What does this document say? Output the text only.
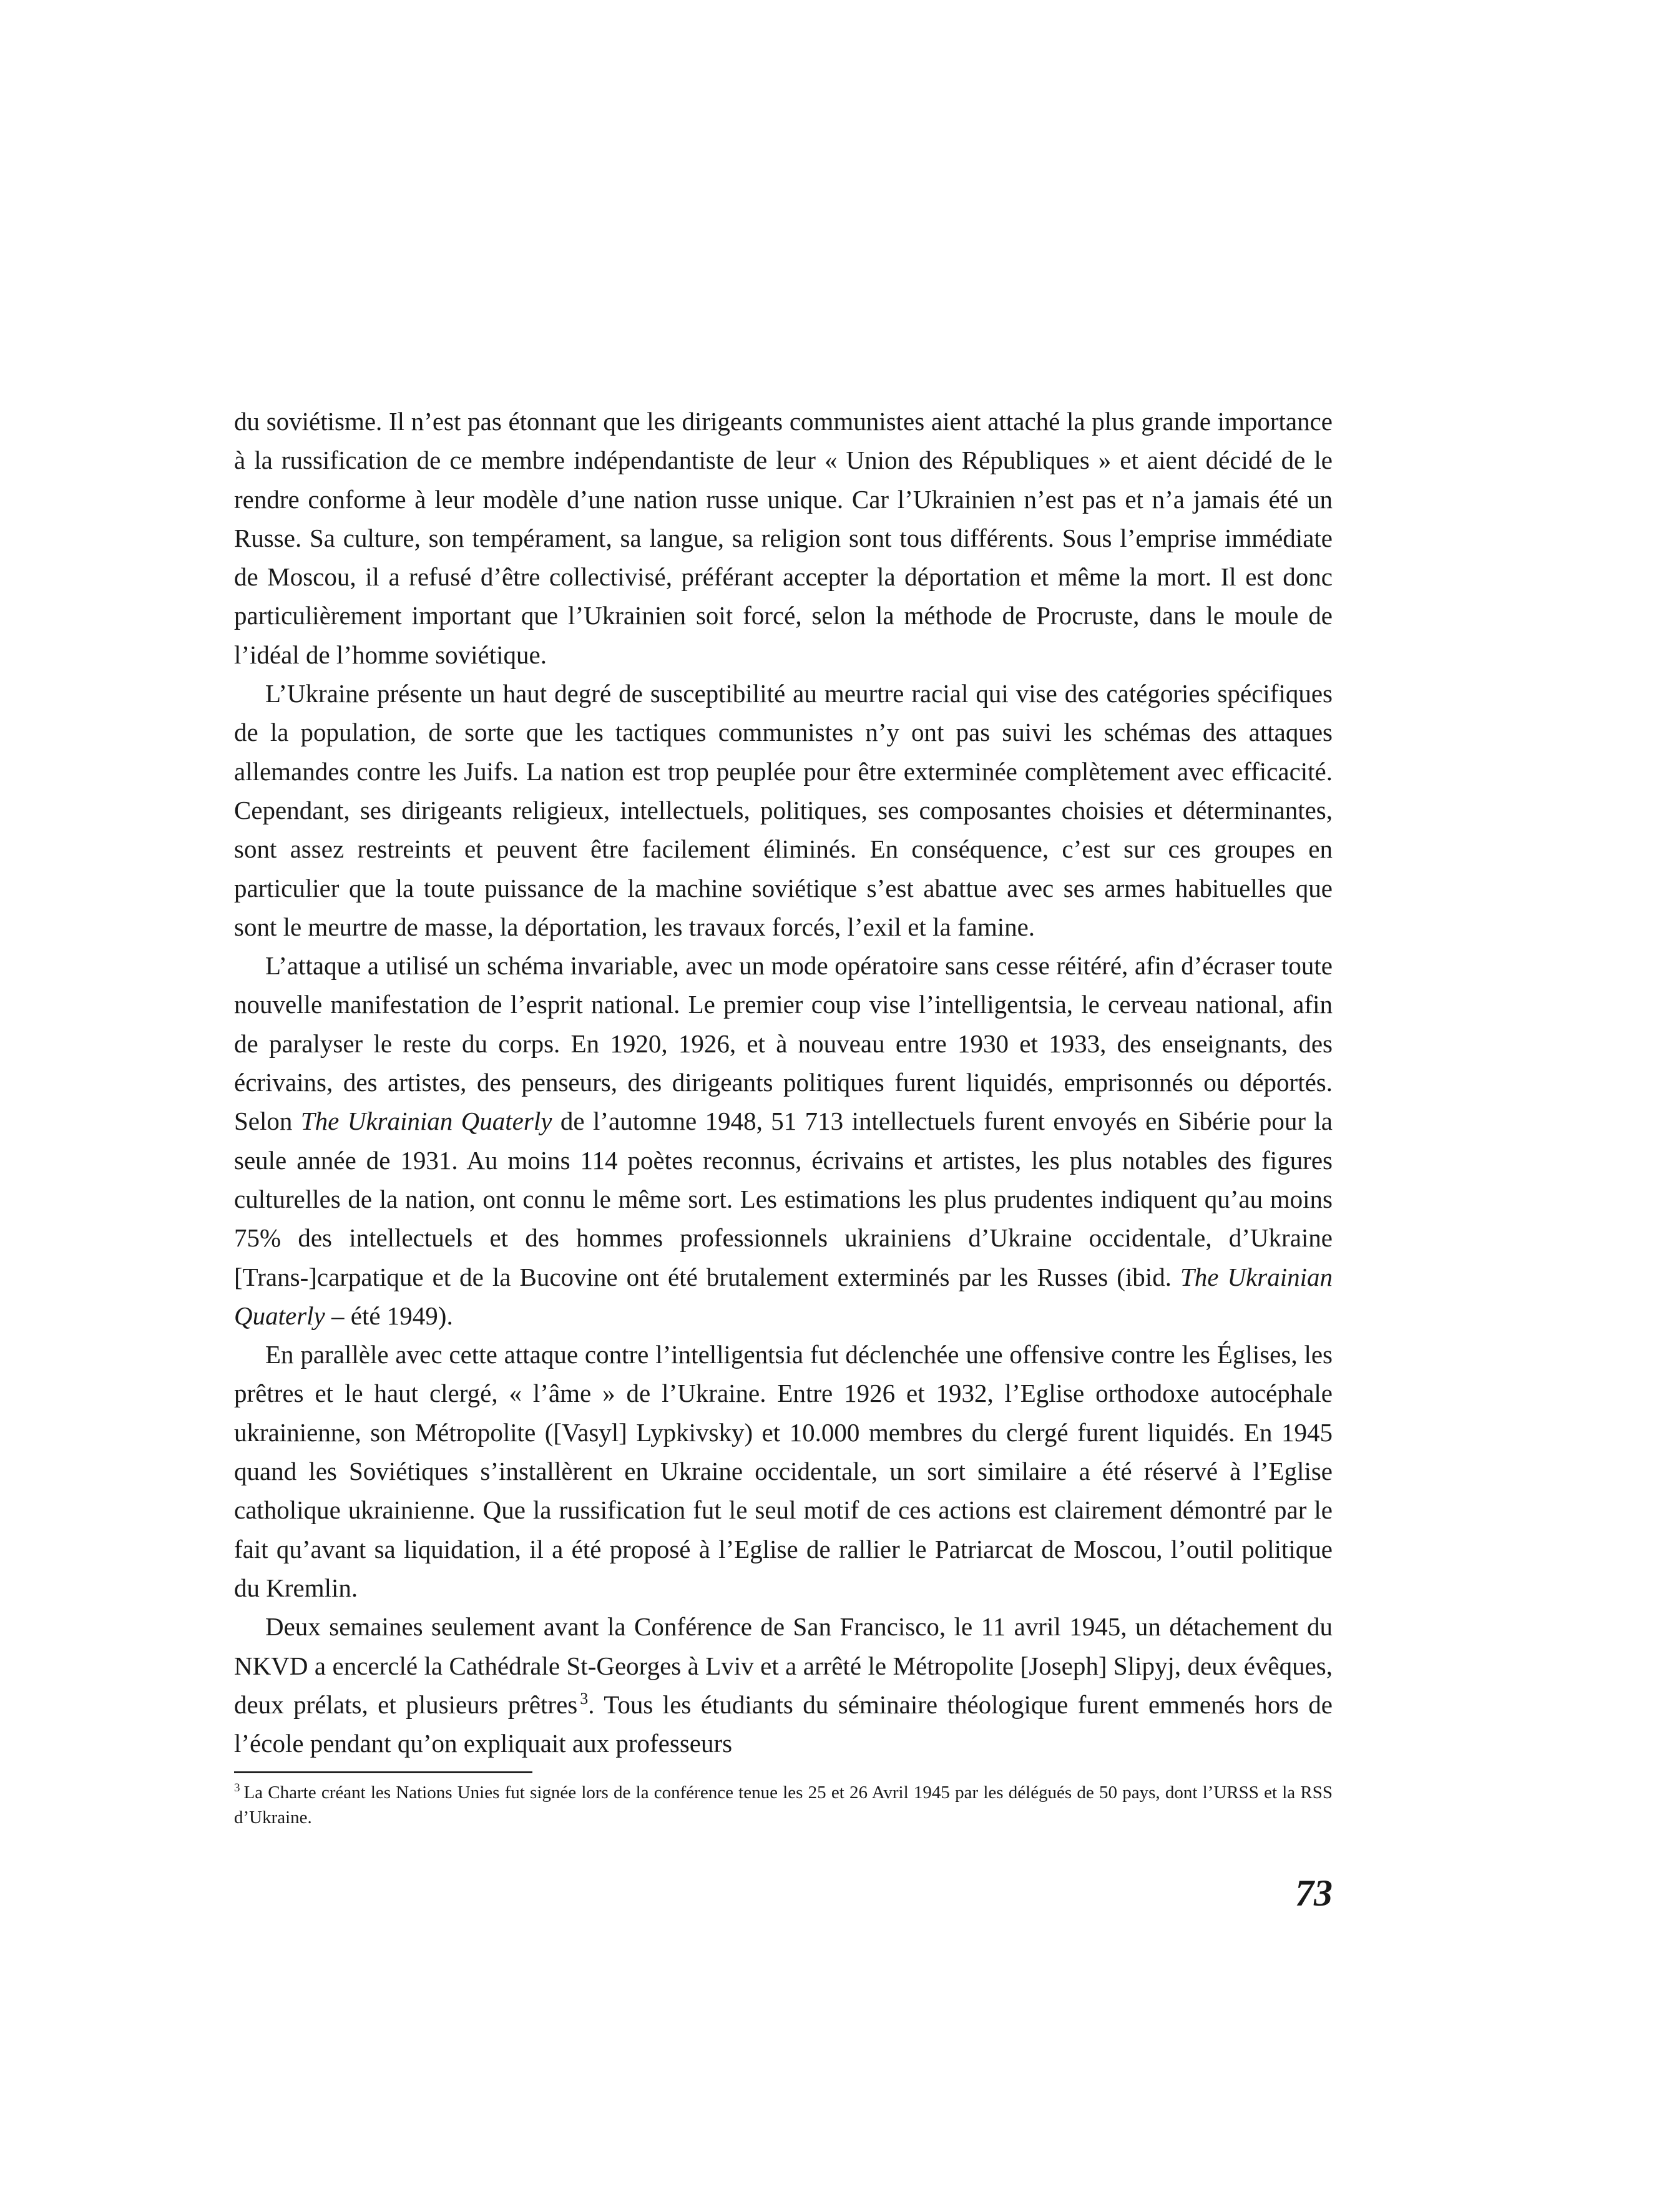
du soviétisme. Il n’est pas étonnant que les dirigeants communistes aient attaché la plus grande importance à la russification de ce membre indépendantiste de leur « Union des Républiques » et aient décidé de le rendre conforme à leur modèle d’une nation russe unique. Car l’Ukrainien n’est pas et n’a jamais été un Russe. Sa culture, son tempérament, sa langue, sa religion sont tous différents. Sous l’emprise immédiate de Moscou, il a refusé d’être collectivisé, préférant accepter la déportation et même la mort. Il est donc particulièrement important que l’Ukrainien soit forcé, selon la méthode de Procruste, dans le moule de l’idéal de l’homme soviétique.

L’Ukraine présente un haut degré de susceptibilité au meurtre racial qui vise des catégories spécifiques de la population, de sorte que les tactiques communistes n’y ont pas suivi les schémas des attaques allemandes contre les Juifs. La nation est trop peuplée pour être exterminée complètement avec efficacité. Cependant, ses dirigeants religieux, intellectuels, politiques, ses composantes choisies et déterminantes, sont assez restreints et peuvent être facilement éliminés. En conséquence, c’est sur ces groupes en particulier que la toute puissance de la machine soviétique s’est abattue avec ses armes habituelles que sont le meurtre de masse, la déportation, les travaux forcés, l’exil et la famine.

L’attaque a utilisé un schéma invariable, avec un mode opératoire sans cesse réitéré, afin d’écraser toute nouvelle manifestation de l’esprit national. Le premier coup vise l’intelligentsia, le cerveau national, afin de paralyser le reste du corps. En 1920, 1926, et à nouveau entre 1930 et 1933, des enseignants, des écrivains, des artistes, des penseurs, des dirigeants politiques furent liquidés, emprisonnés ou déportés. Selon The Ukrainian Quaterly de l’automne 1948, 51 713 intellectuels furent envoyés en Sibérie pour la seule année de 1931. Au moins 114 poètes reconnus, écrivains et artistes, les plus notables des figures culturelles de la nation, ont connu le même sort. Les estimations les plus prudentes indiquent qu’au moins 75% des intellectuels et des hommes professionnels ukrainiens d’Ukraine occidentale, d’Ukraine [Trans-]carpatique et de la Bucovine ont été brutalement exterminés par les Russes (ibid. The Ukrainian Quaterly – été 1949).

En parallèle avec cette attaque contre l’intelligentsia fut déclenchée une offensive contre les Églises, les prêtres et le haut clergé, « l’âme » de l’Ukraine. Entre 1926 et 1932, l’Eglise orthodoxe autocéphale ukrainienne, son Métropolite ([Vasyl] Lypkivsky) et 10.000 membres du clergé furent liquidés. En 1945 quand les Soviétiques s’installèrent en Ukraine occidentale, un sort similaire a été réservé à l’Eglise catholique ukrainienne. Que la russification fut le seul motif de ces actions est clairement démontré par le fait qu’avant sa liquidation, il a été proposé à l’Eglise de rallier le Patriarcat de Moscou, l’outil politique du Kremlin.

Deux semaines seulement avant la Conférence de San Francisco, le 11 avril 1945, un détachement du NKVD a encerclé la Cathédrale St-Georges à Lviv et a arrêté le Métropolite [Joseph] Slipyj, deux évêques, deux prélats, et plusieurs prêtres $^3$. Tous les étudiants du séminaire théologique furent emmenés hors de l’école pendant qu’on expliquait aux professeurs

$^3$ La Charte créant les Nations Unies fut signée lors de la conférence tenue les 25 et 26 Avril 1945 par les délégués de 50 pays, dont l’URSS et la RSS d’Ukraine.
73
